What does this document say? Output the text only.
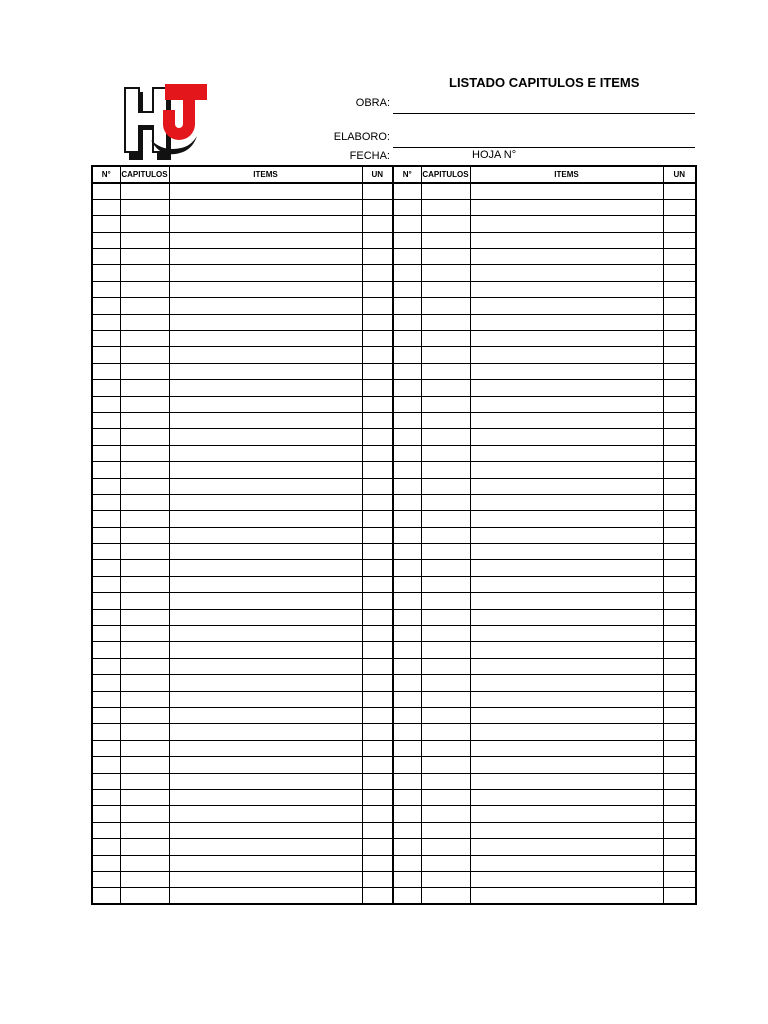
LISTADO CAPITULOS E ITEMS
OBRA:
ELABORO:
FECHA:	HOJA N°
N°	CAPITULOS	ITEMS	UN	N°	CAPITULOS	ITEMS	UN
